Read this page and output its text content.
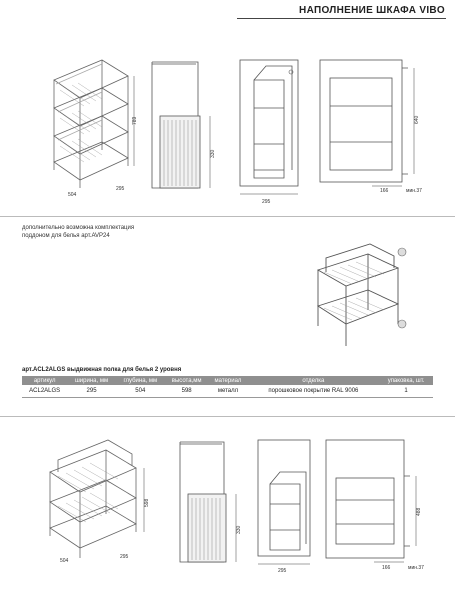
НАПОЛНЕНИЕ ШКАФА VIBO
789
504
295
330
295
640
166	мин.37
дополнительно возможна комплектация
поддоном для белья арт.AVP24
арт.ACL2ALGS выдвижная полка для белья 2 уровня
артикул	ширина, мм	глубина, мм	высота,мм	материал	отделка	упаковка, шт.
ACL2ALGS	295	504	598	металл	порошковое покрытие RAL 9006	1
598
504
295
330
295
488
166	мин.37
